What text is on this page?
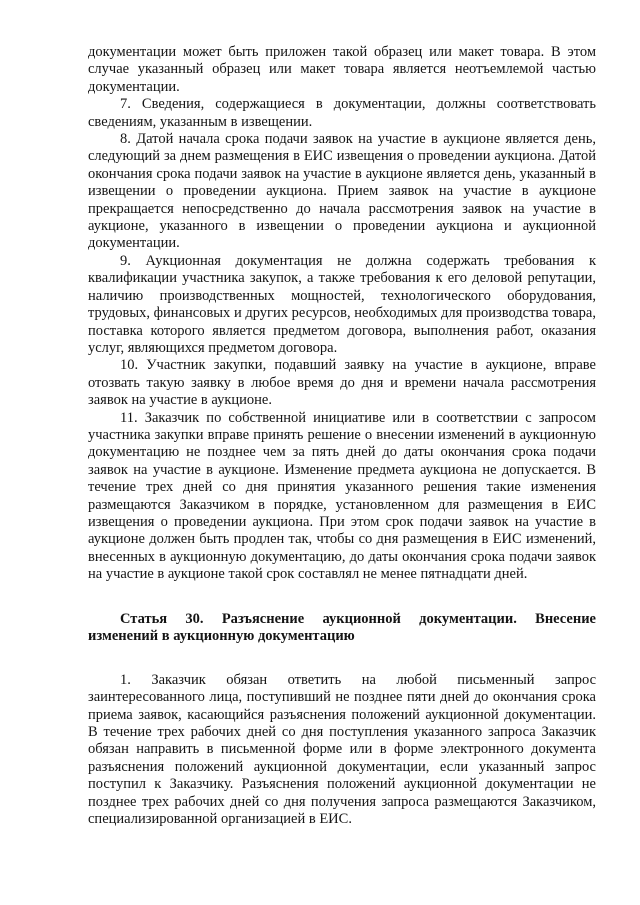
документации может быть приложен такой образец или макет товара. В этом случае указанный образец или макет товара является неотъемлемой частью документации.

7. Сведения, содержащиеся в документации, должны соответствовать сведениям, указанным в извещении.

8. Датой начала срока подачи заявок на участие в аукционе является день, следующий за днем размещения в ЕИС извещения о проведении аукциона. Датой окончания срока подачи заявок на участие в аукционе является день, указанный в извещении о проведении аукциона. Прием заявок на участие в аукционе прекращается непосредственно до начала рассмотрения заявок на участие в аукционе, указанного в извещении о проведении аукциона и аукционной документации.

9. Аукционная документация не должна содержать требования к квалификации участника закупок, а также требования к его деловой репутации, наличию производственных мощностей, технологического оборудования, трудовых, финансовых и других ресурсов, необходимых для производства товара, поставка которого является предметом договора, выполнения работ, оказания услуг, являющихся предметом договора.

10. Участник закупки, подавший заявку на участие в аукционе, вправе отозвать такую заявку в любое время до дня и времени начала рассмотрения заявок на участие в аукционе.

11. Заказчик по собственной инициативе или в соответствии с запросом участника закупки вправе принять решение о внесении изменений в аукционную документацию не позднее чем за пять дней до даты окончания срока подачи заявок на участие в аукционе. Изменение предмета аукциона не допускается. В течение трех дней со дня принятия указанного решения такие изменения размещаются Заказчиком в порядке, установленном для размещения в ЕИС извещения о проведении аукциона. При этом срок подачи заявок на участие в аукционе должен быть продлен так, чтобы со дня размещения в ЕИС изменений, внесенных в аукционную документацию, до даты окончания срока подачи заявок на участие в аукционе такой срок составлял не менее пятнадцати дней.

Статья 30. Разъяснение аукционной документации. Внесение изменений в аукционную документацию

1. Заказчик обязан ответить на любой письменный запрос заинтересованного лица, поступивший не позднее пяти дней до окончания срока приема заявок, касающийся разъяснения положений аукционной документации. В течение трех рабочих дней со дня поступления указанного запроса Заказчик обязан направить в письменной форме или в форме электронного документа разъяснения положений аукционной документации, если указанный запрос поступил к Заказчику. Разъяснения положений аукционной документации не позднее трех рабочих дней со дня получения запроса размещаются Заказчиком, специализированной организацией в ЕИС.
